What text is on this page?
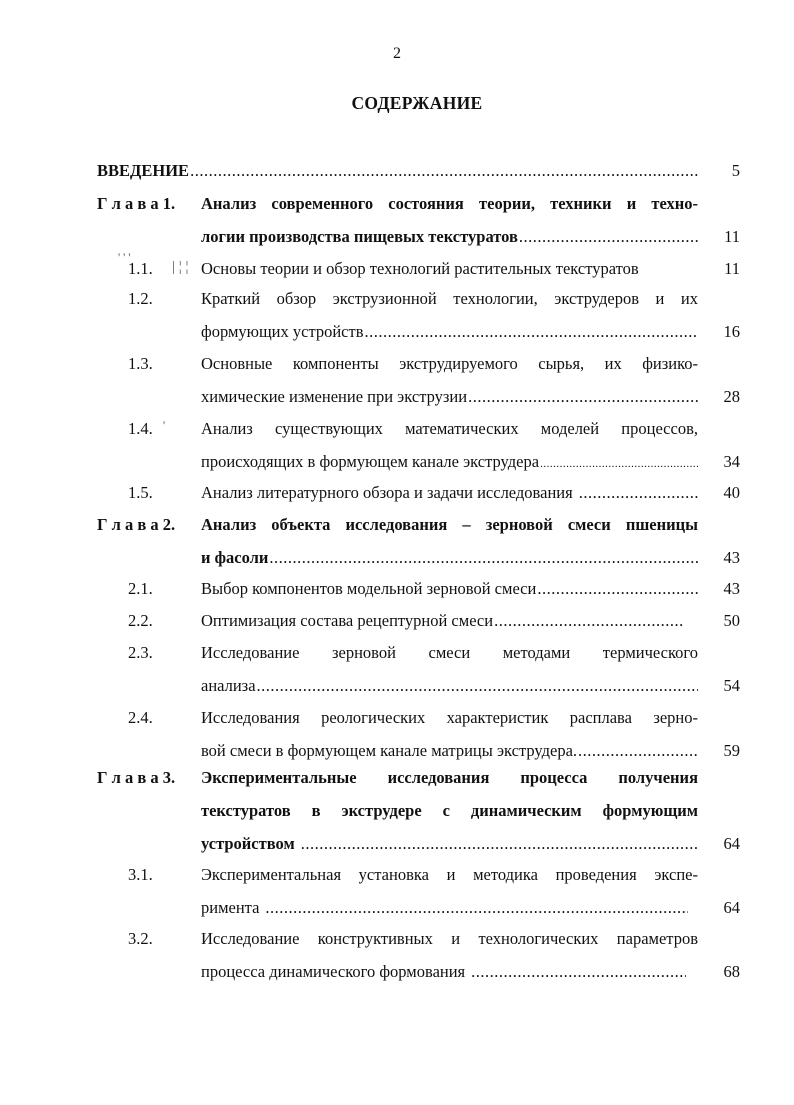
2
СОДЕРЖАНИЕ
ВВЕДЕНИЕ .....	5
Г л а в а 1. Анализ современного состояния теории, техники и техно-
логии производства пищевых текстуратов .....	11
' ' '
1.1. | ¦ ¦ Основы теории и обзор технологий растительных текстуратов	11
1.2.	Краткий обзор экструзионной технологии, экструдеров и их
формующих устройств .....	16
1.3.	Основные компоненты экструдируемого сырья, их физико-
химические изменение при экструзии .....	28
1.4. ' Анализ существующих математических моделей процессов,
происходящих в формующем канале экструдера .....	34
1.5.	Анализ литературного обзора и задачи исследования .....	40
Г л а в а 2. Анализ объекта исследования – зерновой смеси пшеницы
и фасоли .....	43
2.1.	Выбор компонентов модельной зерновой смеси .....	43
2.2.	Оптимизация состава рецептурной смеси .....	50
2.3.	Исследование зерновой смеси методами термического
анализа .....	54
2.4.	Исследования реологических характеристик расплава зерно-
вой смеси в формующем канале матрицы экструдера. .....	59
Г л а в а 3. Экспериментальные исследования процесса получения
текстуратов в экструдере с динамическим формующим
устройством .....	64
3.1.	Экспериментальная установка и методика проведения экспе-
римента .....	64
3.2.	Исследование конструктивных и технологических параметров
процесса динамического формования .....	68
